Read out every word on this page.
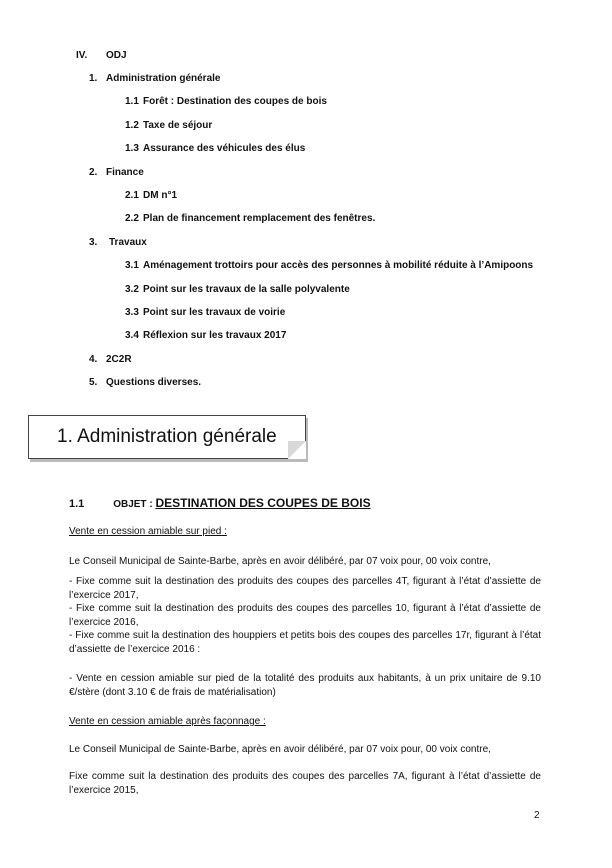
IV. ODJ
1. Administration générale
1.1 Forêt : Destination des coupes de bois
1.2 Taxe de séjour
1.3 Assurance des véhicules des élus
2. Finance
2.1 DM n°1
2.2 Plan de financement remplacement des fenêtres.
3. Travaux
3.1 Aménagement trottoirs pour accès des personnes à mobilité réduite à l’Amipoons
3.2 Point sur les travaux de la salle polyvalente
3.3 Point sur les travaux de voirie
3.4 Réflexion sur les travaux 2017
4. 2C2R
5. Questions diverses.
1. Administration générale
1.1	OBJET : DESTINATION DES COUPES DE BOIS
Vente en cession amiable sur pied :
Le Conseil Municipal de Sainte-Barbe, après en avoir délibéré, par 07 voix pour, 00 voix contre,
- Fixe comme suit la destination des produits des coupes des parcelles 4T, figurant à l’état d’assiette de l’exercice 2017,
- Fixe comme suit la destination des produits des coupes des parcelles 10, figurant à l’état d’assiette de l’exercice 2016,
- Fixe comme suit la destination des houppiers et petits bois des coupes des parcelles 17r, figurant à l’état d’assiette de l’exercice 2016 :
- Vente en cession amiable sur pied de la totalité des produits aux habitants, à un prix unitaire de 9.10 €/stère (dont 3.10 € de frais de matérialisation)
Vente en cession amiable après façonnage :
Le Conseil Municipal de Sainte-Barbe, après en avoir délibéré, par 07 voix pour, 00 voix contre,
Fixe comme suit la destination des produits des coupes des parcelles 7A, figurant à l’état d’assiette de l’exercice 2015,
2
